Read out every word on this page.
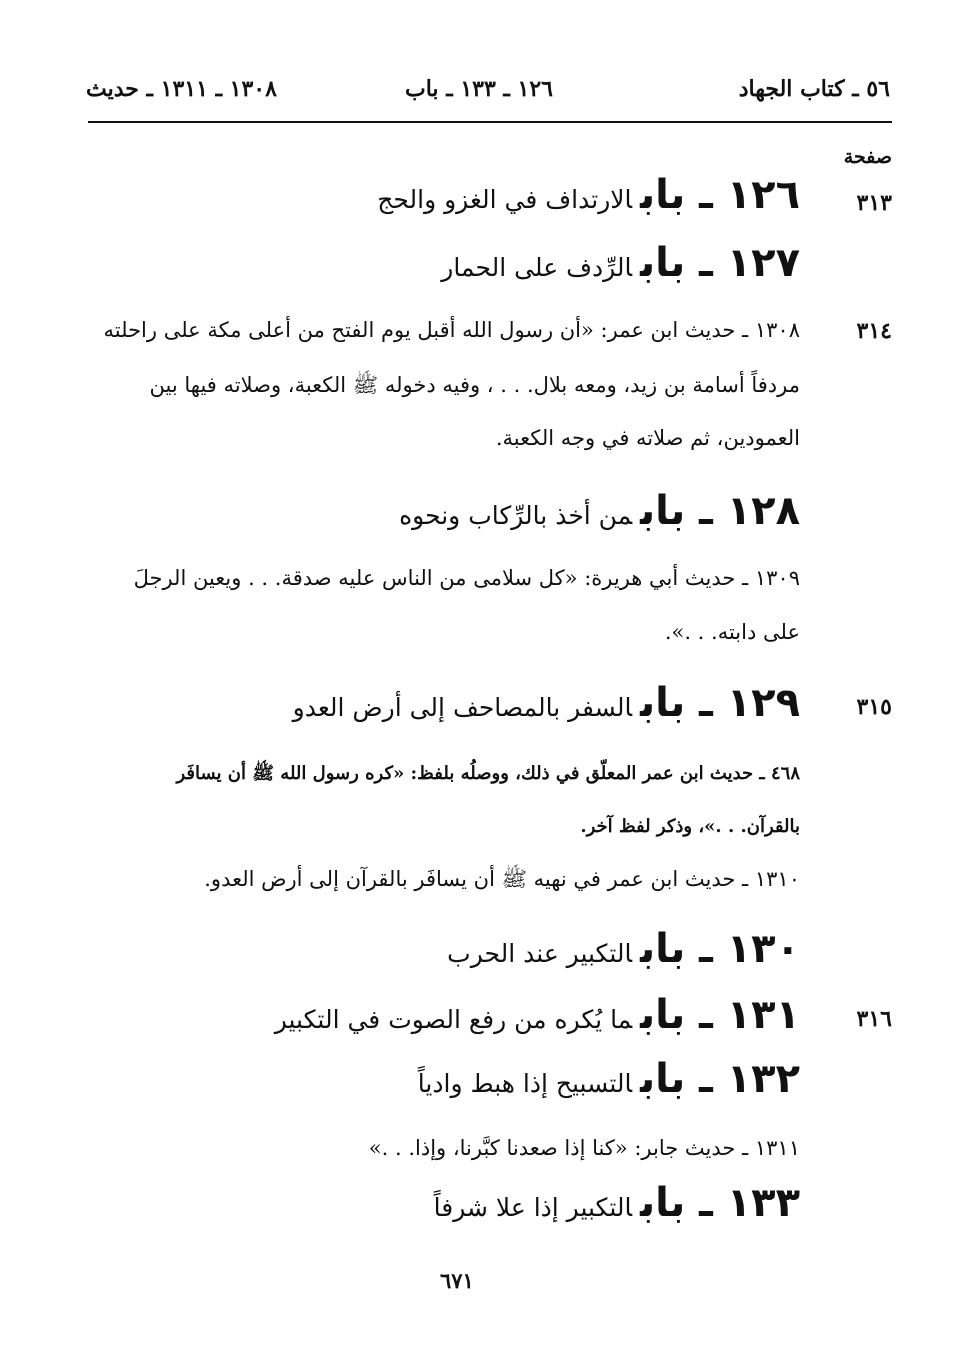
٥٦ ـ كتاب الجهاد
١٢٦ ـ ١٣٣ ـ باب
١٣٠٨ ـ ١٣١١ ـ حديث
صفحة
٣١٣
٣١٤
٣١٥
٣١٦
١٢٦ ـ بابالارتداف في الغزو والحج
١٢٧ ـ بابالرِّدف على الحمار
١٣٠٨ ـ حديث ابن عمر: «أن رسول الله أقبل يوم الفتح من أعلى مكة على راحلته
مردفاً أسامة بن زيد، ومعه بلال. . . ، وفيه دخوله ﷺ الكعبة، وصلاته فيها بين
العمودين، ثم صلاته في وجه الكعبة.
١٢٨ ـ بابمن أخذ بالرِّكاب ونحوه
١٣٠٩ ـ حديث أبي هريرة: «كل سلامى من الناس عليه صدقة. . . ويعين الرجلَ
على دابته. . .».
١٢٩ ـ بابالسفر بالمصاحف إلى أرض العدو
٤٦٨ ـ حديث ابن عمر المعلّق في ذلك، ووصلُه بلفظ: «كره رسول الله ﷺ أن يسافَر
بالقرآن. . .»، وذكر لفظ آخر.
١٣١٠ ـ حديث ابن عمر في نهيه ﷺ أن يسافَر بالقرآن إلى أرض العدو.
١٣٠ ـ بابالتكبير عند الحرب
١٣١ ـ بابما يُكره من رفع الصوت في التكبير
١٣٢ ـ بابالتسبيح إذا هبط وادياً
١٣١١ ـ حديث جابر: «كنا إذا صعدنا كبَّرنا، وإذا. . .»
١٣٣ ـ بابالتكبير إذا علا شرفاً
٦٧١
